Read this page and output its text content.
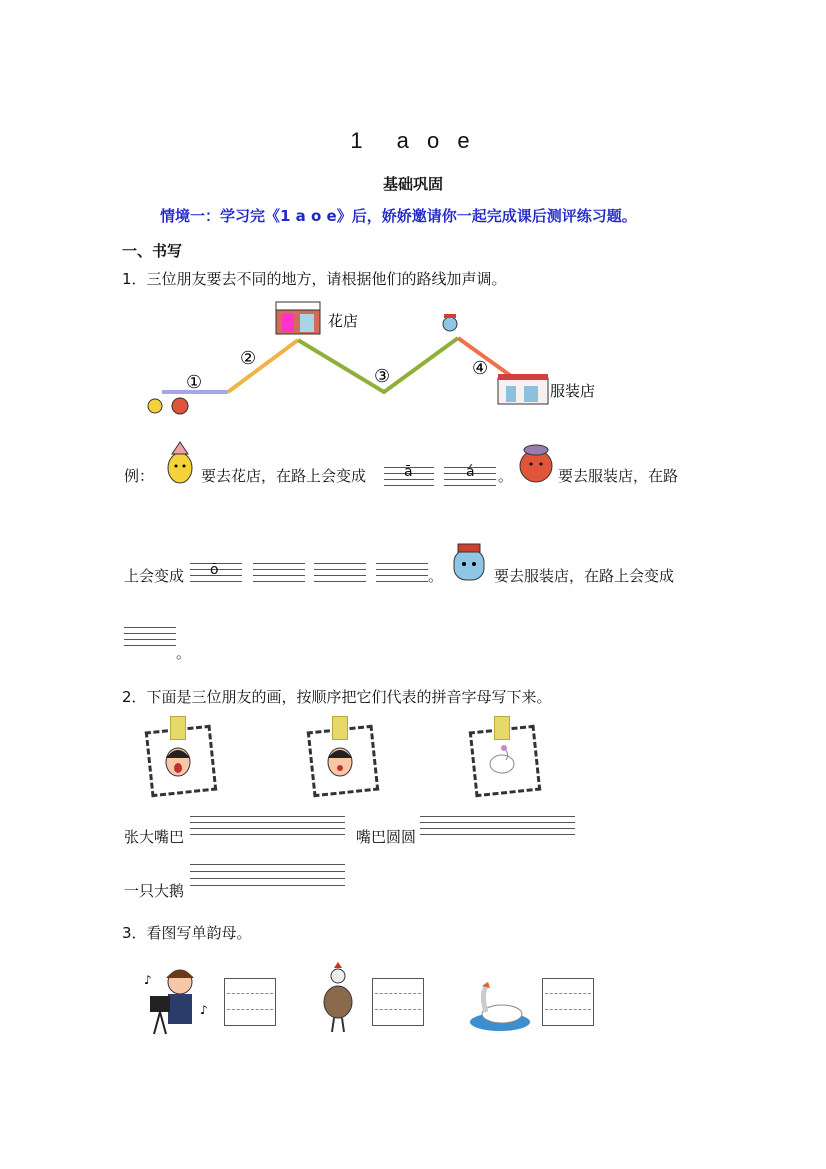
1　a o e
基础巩固
情境一：学习完《1 a o e》后，娇娇邀请你一起完成课后测评练习题。
一、书写
1．三位朋友要去不同的地方，请根据他们的路线加声调。
花店
服装店
①
②
③	④
例：	要去花店，在路上会变成	ā	á 。	要去服装店，在路
上会变成 ō	。	要去服装店，在路上会变成
。
2．下面是三位朋友的画，按顺序把它们代表的拼音字母写下来。
张大嘴巴	嘴巴圆圆
一只大鹅
3．看图写单韵母。
♪
♪
